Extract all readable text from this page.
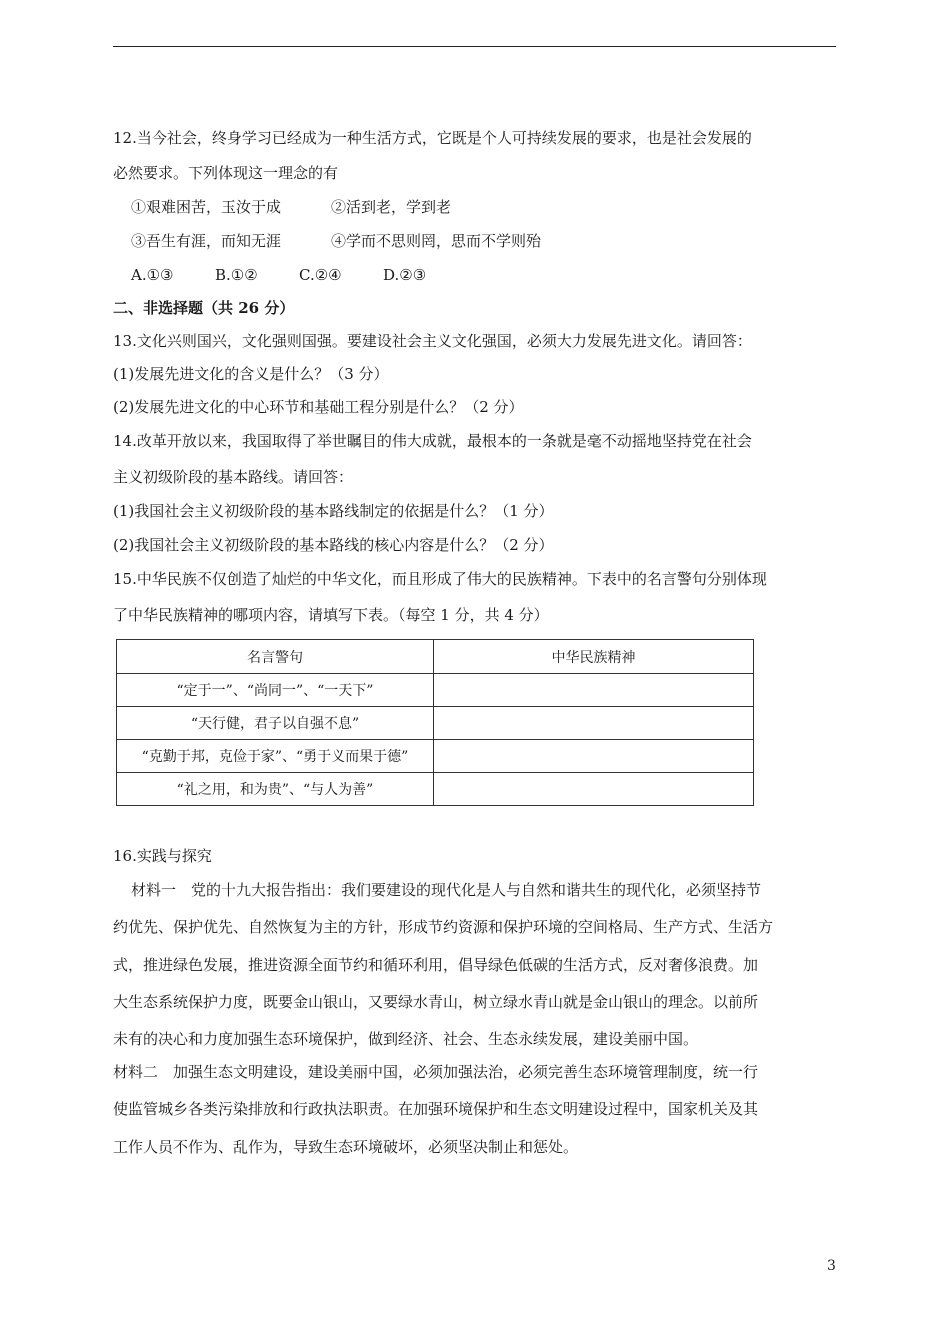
12.当今社会，终身学习已经成为一种生活方式，它既是个人可持续发展的要求，也是社会发展的
必然要求。下列体现这一理念的有
①艰难困苦，玉汝于成	②活到老，学到老
③吾生有涯，而知无涯	④学而不思则罔，思而不学则殆
A.①③	B.①②	C.②④	D.②③
二、非选择题（共 26 分）
13.文化兴则国兴，文化强则国强。要建设社会主义文化强国，必须大力发展先进文化。请回答：
(1)发展先进文化的含义是什么？（3 分）
(2)发展先进文化的中心环节和基础工程分别是什么？（2 分）
14.改革开放以来，我国取得了举世瞩目的伟大成就，最根本的一条就是毫不动摇地坚持党在社会
主义初级阶段的基本路线。请回答：
(1)我国社会主义初级阶段的基本路线制定的依据是什么？（1 分）
(2)我国社会主义初级阶段的基本路线的核心内容是什么？（2 分）
15.中华民族不仅创造了灿烂的中华文化，而且形成了伟大的民族精神。下表中的名言警句分别体现
了中华民族精神的哪项内容，请填写下表。（每空 1 分，共 4 分）
名言警句	中华民族精神
“定于一”、“尚同一”、“一天下”	
“天行健，君子以自强不息”	
“克勤于邦，克俭于家”、“勇于义而果于德”	
“礼之用，和为贵”、“与人为善”	
16.实践与探究
材料一　党的十九大报告指出：我们要建设的现代化是人与自然和谐共生的现代化，必须坚持节
约优先、保护优先、自然恢复为主的方针，形成节约资源和保护环境的空间格局、生产方式、生活方
式，推进绿色发展，推进资源全面节约和循环利用，倡导绿色低碳的生活方式，反对奢侈浪费。加
大生态系统保护力度，既要金山银山，又要绿水青山，树立绿水青山就是金山银山的理念。以前所
未有的决心和力度加强生态环境保护，做到经济、社会、生态永续发展，建设美丽中国。
材料二　加强生态文明建设，建设美丽中国，必须加强法治，必须完善生态环境管理制度，统一行
使监管城乡各类污染排放和行政执法职责。在加强环境保护和生态文明建设过程中，国家机关及其
工作人员不作为、乱作为，导致生态环境破坏，必须坚决制止和惩处。
3
